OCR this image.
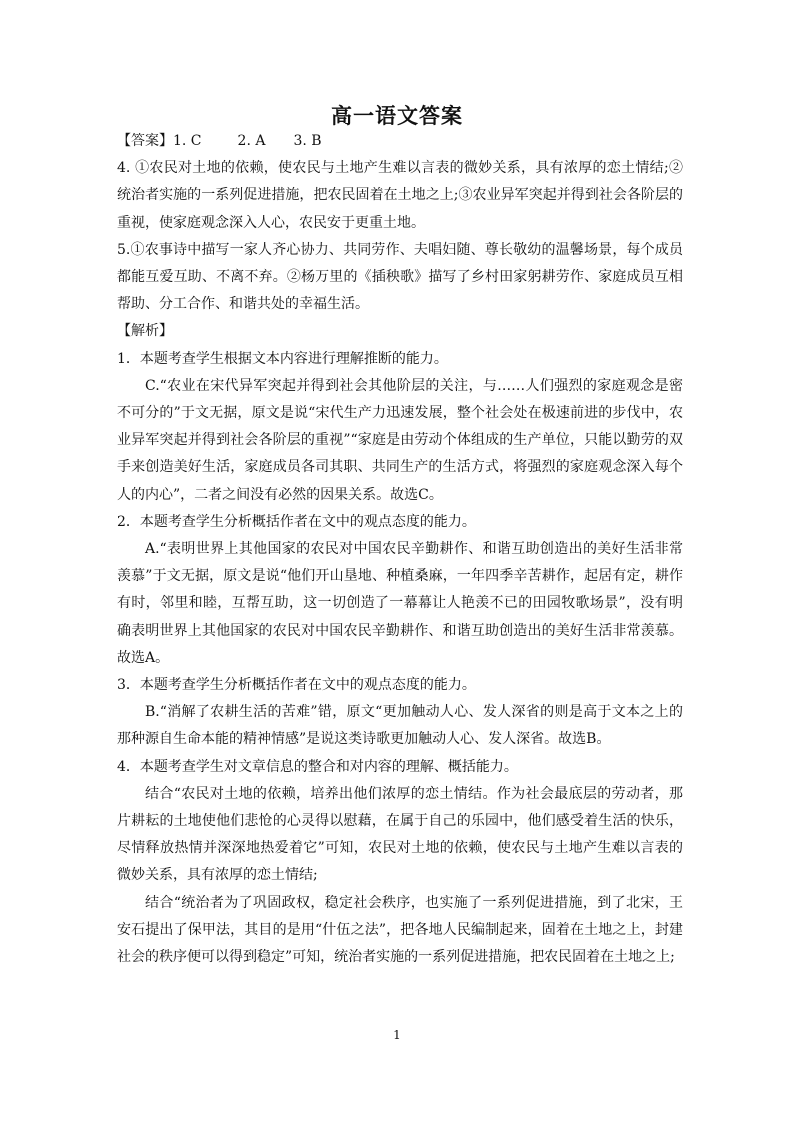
高一语文答案

【答案】1. C	2. A 3. B

4. ①农民对土地的依赖，使农民与土地产生难以言表的微妙关系，具有浓厚的恋土情结;②统治者实施的一系列促进措施，把农民固着在土地之上;③农业异军突起并得到社会各阶层的重视，使家庭观念深入人心，农民安于更重土地。

5.①农事诗中描写一家人齐心协力、共同劳作、夫唱妇随、尊长敬幼的温馨场景，每个成员都能互爱互助、不离不弃。②杨万里的《插秧歌》描写了乡村田家躬耕劳作、家庭成员互相帮助、分工合作、和谐共处的幸福生活。

【解析】

1．本题考查学生根据文本内容进行理解推断的能力。

C.“农业在宋代异军突起并得到社会其他阶层的关注，与……人们强烈的家庭观念是密不可分的”于文无据，原文是说“宋代生产力迅速发展，整个社会处在极速前进的步伐中，农业异军突起并得到社会各阶层的重视”“家庭是由劳动个体组成的生产单位，只能以勤劳的双手来创造美好生活，家庭成员各司其职、共同生产的生活方式，将强烈的家庭观念深入每个人的内心”，二者之间没有必然的因果关系。故选C。

2．本题考查学生分析概括作者在文中的观点态度的能力。

A.“表明世界上其他国家的农民对中国农民辛勤耕作、和谐互助创造出的美好生活非常羡慕”于文无据，原文是说“他们开山垦地、种植桑麻，一年四季辛苦耕作，起居有定，耕作有时，邻里和睦，互帮互助，这一切创造了一幕幕让人艳羡不已的田园牧歌场景”，没有明确表明世界上其他国家的农民对中国农民辛勤耕作、和谐互助创造出的美好生活非常羡慕。故选A。

3．本题考查学生分析概括作者在文中的观点态度的能力。

B.“消解了农耕生活的苦难”错，原文“更加触动人心、发人深省的则是高于文本之上的那种源自生命本能的精神情感”是说这类诗歌更加触动人心、发人深省。故选B。

4．本题考查学生对文章信息的整合和对内容的理解、概括能力。

结合“农民对土地的依赖，培养出他们浓厚的恋土情结。作为社会最底层的劳动者，那片耕耘的土地使他们悲怆的心灵得以慰藉，在属于自己的乐园中，他们感受着生活的快乐，尽情释放热情并深深地热爱着它”可知，农民对土地的依赖，使农民与土地产生难以言表的微妙关系，具有浓厚的恋土情结;

结合“统治者为了巩固政权，稳定社会秩序，也实施了一系列促进措施，到了北宋，王安石提出了保甲法，其目的是用“什伍之法”，把各地人民编制起来，固着在土地之上，封建社会的秩序便可以得到稳定”可知，统治者实施的一系列促进措施，把农民固着在土地之上;

1
